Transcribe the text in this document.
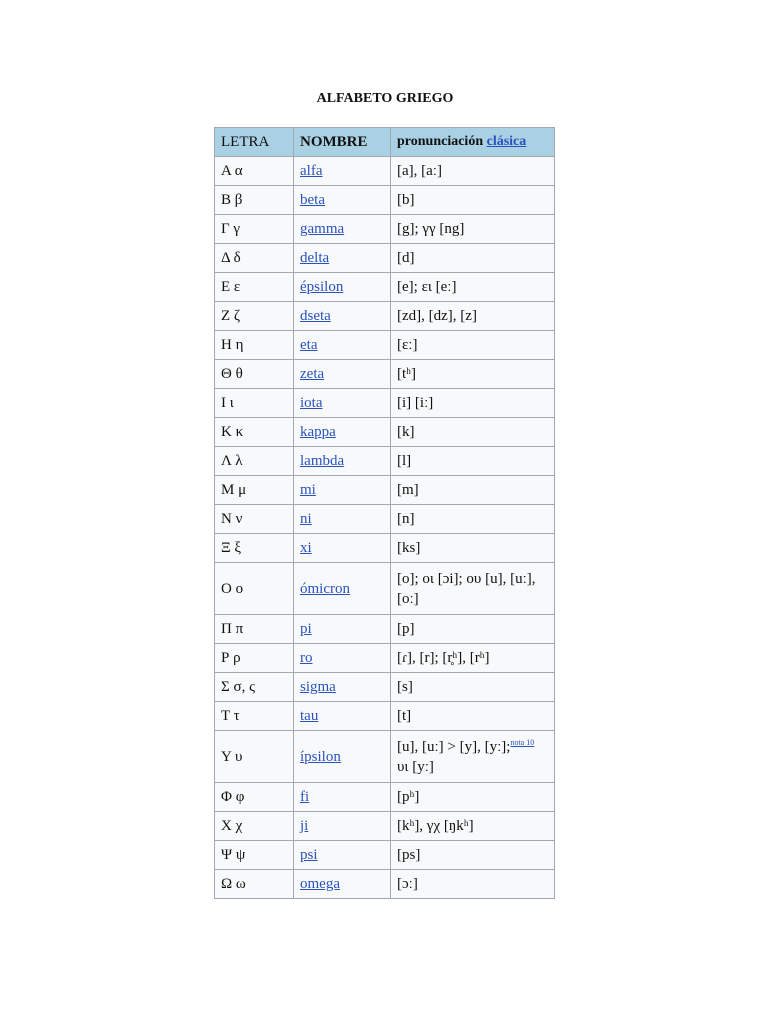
ALFABETO GRIEGO
LETRA	NOMBRE	pronunciación clásica
Α α	alfa	[a], [aː]
Β β	beta	[b]
Γ γ	gamma	[g]; γγ [ng]
Δ δ	delta	[d]
Ε ε	épsilon	[e]; ει [eː]
Ζ ζ	dseta	[zd], [dz], [z]
Η η	eta	[ɛː]
Θ θ	zeta	[tʰ]
Ι ι	iota	[i] [iː]
Κ κ	kappa	[k]
Λ λ	lambda	[l]
Μ μ	mi	[m]
Ν ν	ni	[n]
Ξ ξ	xi	[ks]
Ο ο	ómicron	[o]; οι [ɔi]; ου [u], [uː], [oː]
Π π	pi	[p]
Ρ ρ	ro	[ɾ], [r]; [r̥ʰ], [rʰ]
Σ σ, ς	sigma	[s]
Τ τ	tau	[t]
Υ υ	ípsilon	[u], [uː] > [y], [yː];$^{nota 10}$ υι [yː]
Φ φ	fi	[pʰ]
Χ χ	ji	[kʰ], γχ [ŋkʰ]
Ψ ψ	psi	[ps]
Ω ω	omega	[ɔː]
